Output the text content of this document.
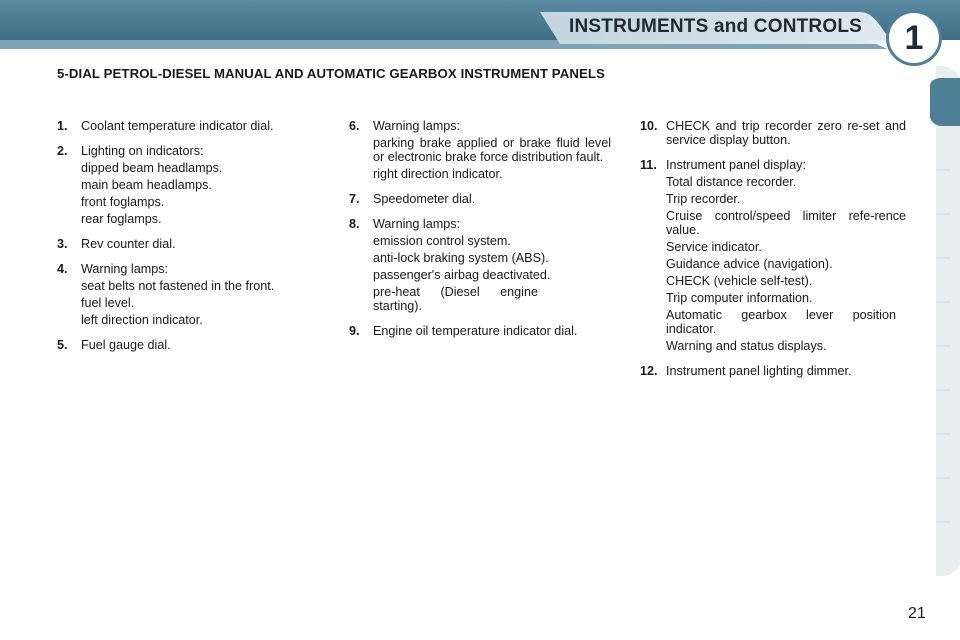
INSTRUMENTS and CONTROLS 1
5-DIAL PETROL-DIESEL MANUAL AND AUTOMATIC GEARBOX INSTRUMENT PANELS
1.	Coolant temperature indicator dial.
2.	Lighting on indicators:
dipped beam headlamps.
main beam headlamps.
front foglamps.
rear foglamps.
3.	Rev counter dial.
4.	Warning lamps:
seat belts not fastened in the front.
fuel level.
left direction indicator.
5.	Fuel gauge dial.
6.	Warning lamps:
parking brake applied or brake fluid level or electronic brake force distribution fault.
right direction indicator.
7.	Speedometer dial.
8.	Warning lamps:
emission control system.
anti-lock braking system (ABS).
passenger's airbag deactivated.
pre-heat (Diesel engine starting).
9.	Engine oil temperature indicator dial.
10. CHECK and trip recorder zero re-set and service display button.
11. Instrument panel display:
Total distance recorder.
Trip recorder.
Cruise control/speed limiter refe-rence value.
Service indicator.
Guidance advice (navigation).
CHECK (vehicle self-test).
Trip computer information.
Automatic gearbox lever position indicator.
Warning and status displays.
12. Instrument panel lighting dimmer.
21
